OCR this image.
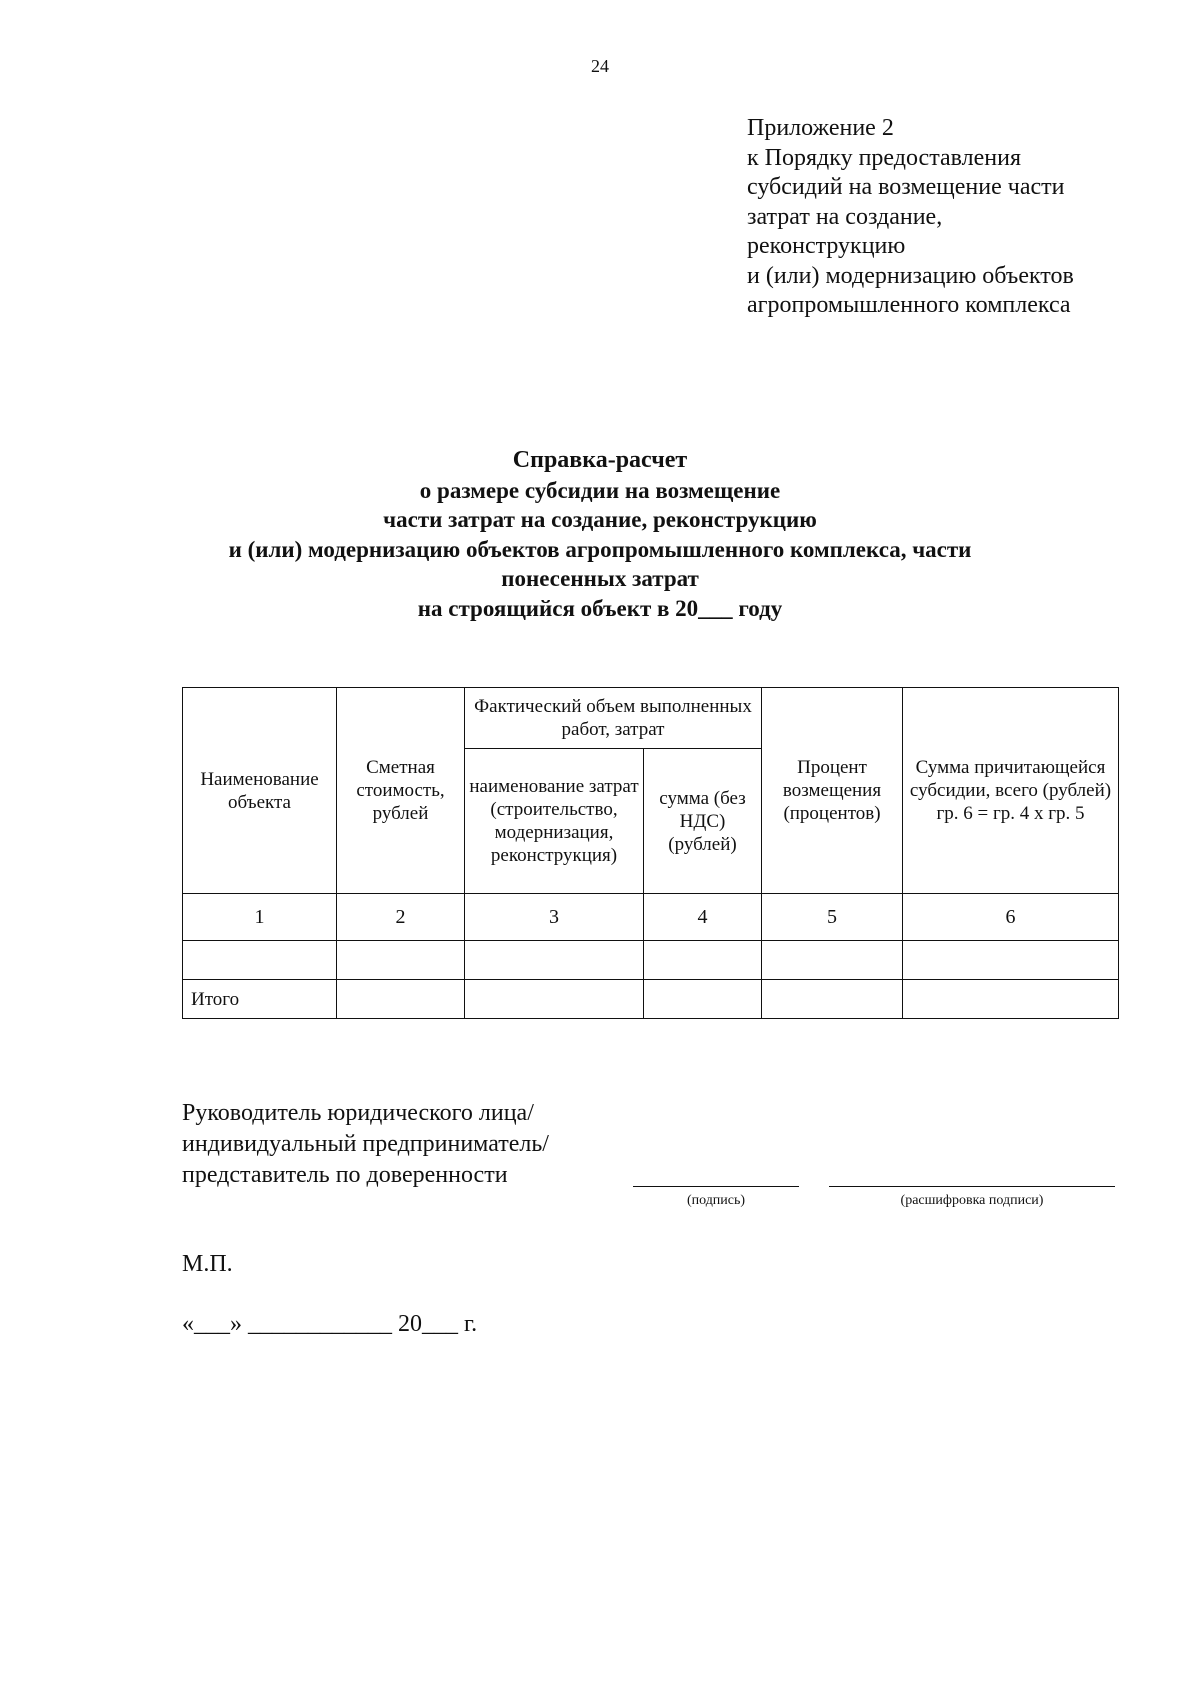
24
Приложение 2
к Порядку предоставления
субсидий на возмещение части
затрат на создание,
реконструкцию
и (или) модернизацию объектов
агропромышленного комплекса
Справка-расчет
о размере субсидии на возмещение
части затрат на создание, реконструкцию
и (или) модернизацию объектов агропромышленного комплекса, части
понесенных затрат
на строящийся объект в 20___ году
Наименование объекта	Сметная стоимость, рублей	Фактический объем выполненных работ, затрат		Процент возмещения (процентов)	Сумма причитающейся субсидии, всего (рублей) гр. 6 = гр. 4 х гр. 5
		наименование затрат (строительство, модернизация, реконструкция)	сумма (без НДС) (рублей)		
1	2	3	4	5	6

Итого					
Руководитель юридического лица/
индивидуальный предприниматель/
представитель по доверенности
(подпись)	(расшифровка подписи)
М.П.
«___» ____________ 20___ г.
